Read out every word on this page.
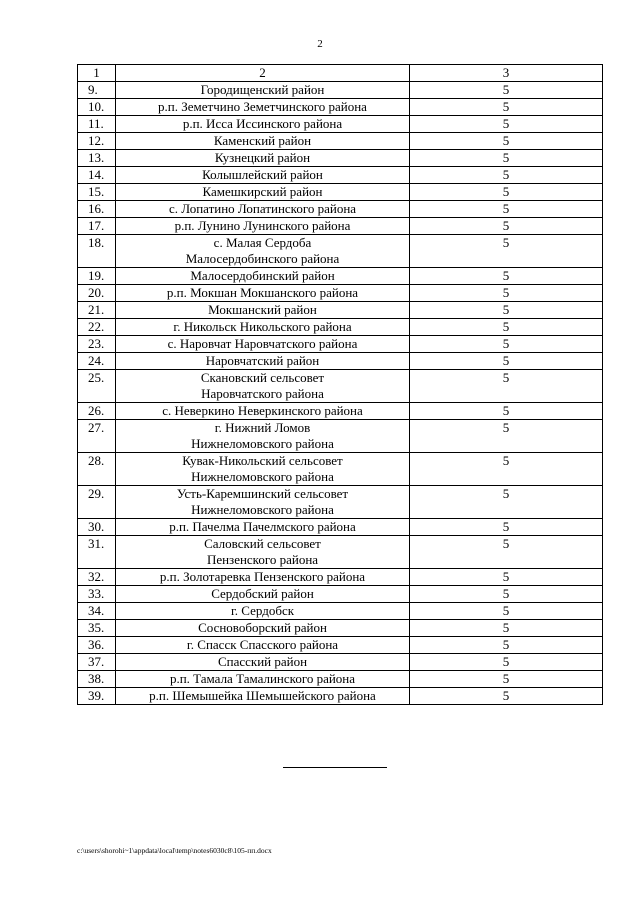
2
1	2	3
9.	Городищенский район	5
10.	р.п. Земетчино Земетчинского района	5
11.	р.п. Исса Иссинского района	5
12.	Каменский район	5
13.	Кузнецкий район	5
14.	Колышлейский район	5
15.	Камешкирский район	5
16.	с. Лопатино Лопатинского района	5
17.	р.п. Лунино Лунинского района	5
18.	с. Малая Сердоба
Малосердобинского района	5
19.	Малосердобинский район	5
20.	р.п. Мокшан Мокшанского района	5
21.	Мокшанский район	5
22.	г. Никольск Никольского района	5
23.	с. Наровчат Наровчатского района	5
24.	Наровчатский район	5
25.	Скановский сельсовет
Наровчатского района	5
26.	с. Неверкино Неверкинского района	5
27.	г. Нижний Ломов
Нижнеломовского района	5
28.	Кувак-Никольский сельсовет
Нижнеломовского района	5
29.	Усть-Каремшинский сельсовет
Нижнеломовского района	5
30.	р.п. Пачелма Пачелмского района	5
31.	Саловский сельсовет
Пензенского района	5
32.	р.п. Золотаревка Пензенского района	5
33.	Сердобский район	5
34.	г. Сердобск	5
35.	Сосновоборский район	5
36.	г. Спасск Спасского района	5
37.	Спасский район	5
38.	р.п. Тамала Тамалинского района	5
39.	р.п. Шемышейка Шемышейского района	5
c:\users\shorohi~1\appdata\local\temp\notes6030c8\105-пп.docx
